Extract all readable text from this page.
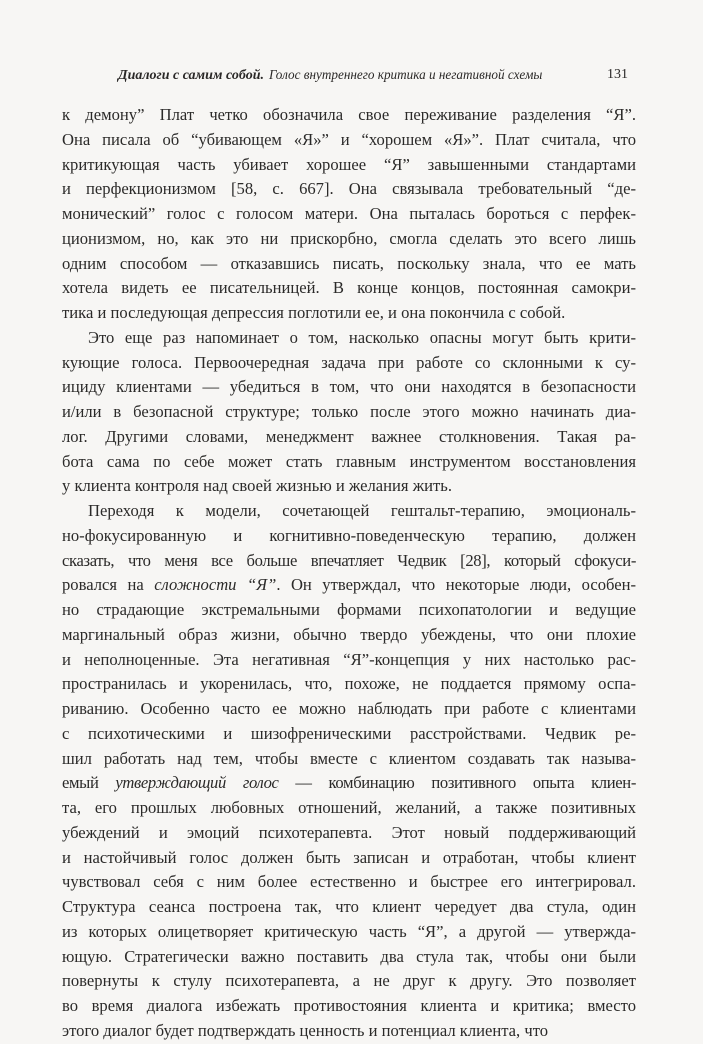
Диалоги с самим собой. Голос внутреннего критика и негативной схемы	131

к демону” Плат четко обозначила свое переживание разделения “Я”.
Она писала об “убивающем «Я»” и “хорошем «Я»”. Плат считала, что
критикующая часть убивает хорошее “Я” завышенными стандартами
и перфекционизмом [58, с. 667]. Она связывала требовательный “де-
монический” голос с голосом матери. Она пыталась бороться с перфек-
ционизмом, но, как это ни прискорбно, смогла сделать это всего лишь
одним способом — отказавшись писать, поскольку знала, что ее мать
хотела видеть ее писательницей. В конце концов, постоянная самокри-
тика и последующая депрессия поглотили ее, и она покончила с собой.

Это еще раз напоминает о том, насколько опасны могут быть крити-
кующие голоса. Первоочередная задача при работе со склонными к су-
ициду клиентами — убедиться в том, что они находятся в безопасности
и/или в безопасной структуре; только после этого можно начинать диа-
лог. Другими словами, менеджмент важнее столкновения. Такая ра-
бота сама по себе может стать главным инструментом восстановления
у клиента контроля над своей жизнью и желания жить.

Переходя к модели, сочетающей гештальт-терапию, эмоциональ-
но-фокусированную и когнитивно-поведенческую терапию, должен
сказать, что меня все больше впечатляет Чедвик [28], который сфокуси-
ровался на сложности “Я”. Он утверждал, что некоторые люди, особен-
но страдающие экстремальными формами психопатологии и ведущие
маргинальный образ жизни, обычно твердо убеждены, что они плохие
и неполноценные. Эта негативная “Я”-концепция у них настолько рас-
пространилась и укоренилась, что, похоже, не поддается прямому оспа-
риванию. Особенно часто ее можно наблюдать при работе с клиентами
с психотическими и шизофреническими расстройствами. Чедвик ре-
шил работать над тем, чтобы вместе с клиентом создавать так называ-
емый утверждающий голос — комбинацию позитивного опыта клиен-
та, его прошлых любовных отношений, желаний, а также позитивных
убеждений и эмоций психотерапевта. Этот новый поддерживающий
и настойчивый голос должен быть записан и отработан, чтобы клиент
чувствовал себя с ним более естественно и быстрее его интегрировал.
Структура сеанса построена так, что клиент чередует два стула, один
из которых олицетворяет критическую часть “Я”, а другой — утвержда-
ющую. Стратегически важно поставить два стула так, чтобы они были
повернуты к стулу психотерапевта, а не друг к другу. Это позволяет
во время диалога избежать противостояния клиента и критика; вместо
этого диалог будет подтверждать ценность и потенциал клиента, что
